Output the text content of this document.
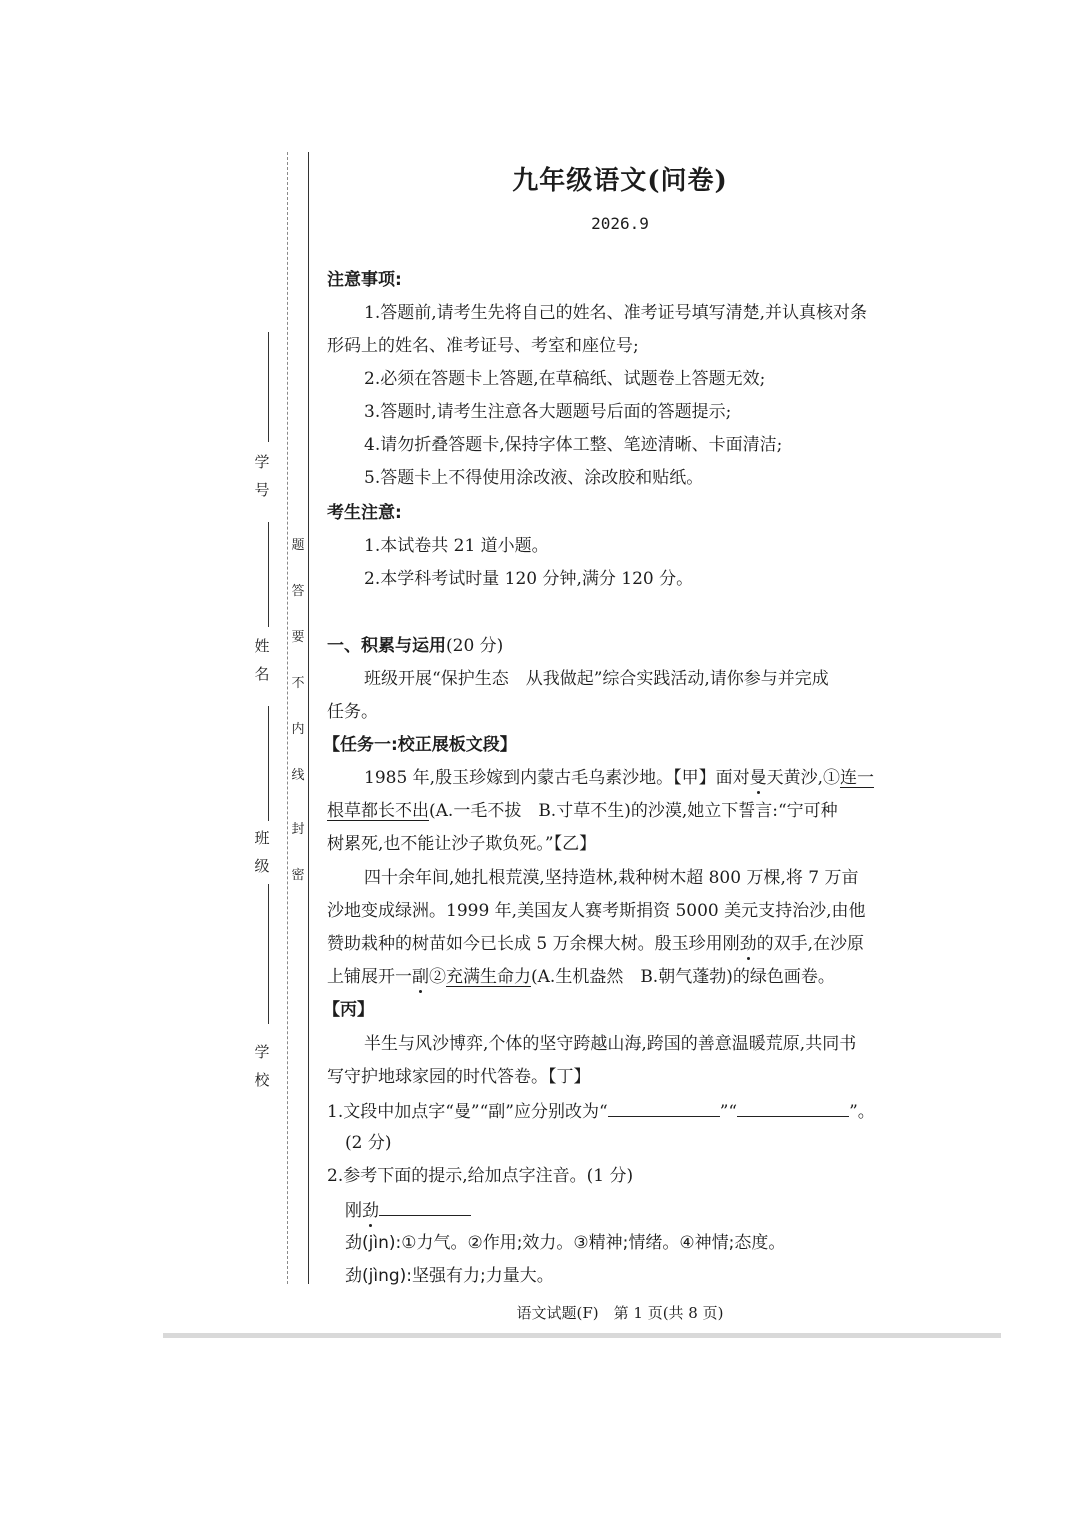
学
号
姓
名
班
级
学
校
密
封
线
内
不
要
答
题
九年级语文(问卷)
2026.9
注意事项:
1.答题前,请考生先将自己的姓名、准考证号填写清楚,并认真核对条
形码上的姓名、准考证号、考室和座位号;
2.必须在答题卡上答题,在草稿纸、试题卷上答题无效;
3.答题时,请考生注意各大题题号后面的答题提示;
4.请勿折叠答题卡,保持字体工整、笔迹清晰、卡面清洁;
5.答题卡上不得使用涂改液、涂改胶和贴纸。
考生注意:
1.本试卷共 21 道小题。
2.本学科考试时量 120 分钟,满分 120 分。
一、积累与运用(20 分)
班级开展“保护生态　从我做起”综合实践活动,请你参与并完成
任务。
【任务一:校正展板文段】
1985 年,殷玉珍嫁到内蒙古毛乌素沙地。【甲】面对曼天黄沙,①连一
根草都长不出(A.一毛不拔　B.寸草不生)的沙漠,她立下誓言:“宁可种
树累死,也不能让沙子欺负死。”【乙】
四十余年间,她扎根荒漠,坚持造林,栽种树木超 800 万棵,将 7 万亩
沙地变成绿洲。1999 年,美国友人赛考斯捐资 5000 美元支持治沙,由他
赞助栽种的树苗如今已长成 5 万余棵大树。殷玉珍用刚劲的双手,在沙原
上铺展开一副②充满生命力(A.生机盎然　B.朝气蓬勃)的绿色画卷。
【丙】
半生与风沙博弈,个体的坚守跨越山海,跨国的善意温暖荒原,共同书
写守护地球家园的时代答卷。【丁】
1.文段中加点字“曼”“副”应分别改为“	”“	”。
(2 分)
2.参考下面的提示,给加点字注音。(1 分)
刚劲
劲(jìn):①力气。②作用;效力。③精神;情绪。④神情;态度。
劲(jìng):坚强有力;力量大。
语文试题(F)　第 1 页(共 8 页)
